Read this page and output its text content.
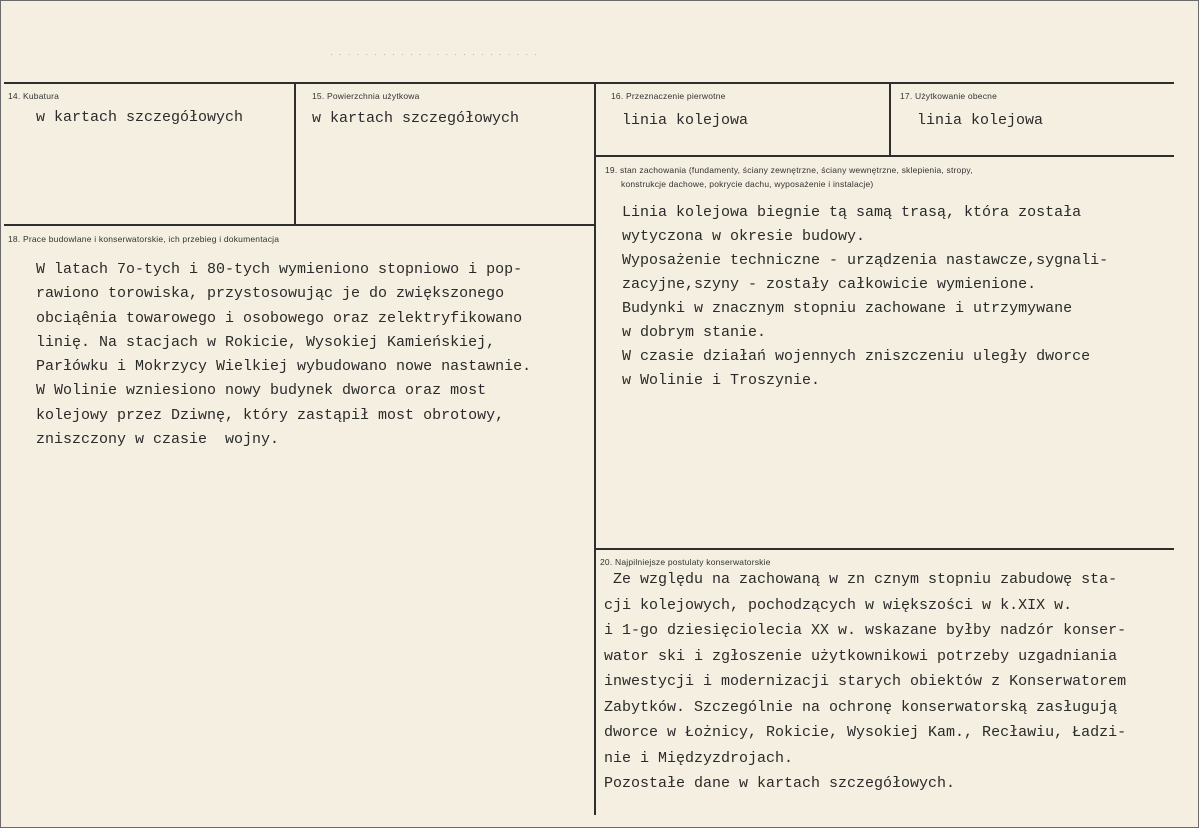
· · · · · · · · · · · · · · · · · · · · · · · ·
14. Kubatura
w kartach szczegółowych
15. Powierzchnia użytkowa
w kartach szczegółowych
16. Przeznaczenie pierwotne
linia kolejowa
17. Użytkowanie obecne
linia kolejowa
18. Prace budowlane i konserwatorskie, ich przebieg i dokumentacja
W latach 7o-tych i 80-tych wymieniono stopniowo i pop-
rawiono torowiska, przystosowując je do zwiększonego
obciąênia towarowego i osobowego oraz zelektryfikowano
linię. Na stacjach w Rokicie, Wysokiej Kamieńskiej,
Parłówku i Mokrzycy Wielkiej wybudowano nowe nastawnie.
W Wolinie wzniesiono nowy budynek dworca oraz most
kolejowy przez Dziwnę, który zastąpił most obrotowy,
zniszczony w czasie  wojny.
19. stan zachowania (fundamenty, ściany zewnętrzne, ściany wewnętrzne, sklepienia, stropy,
konstrukcje dachowe, pokrycie dachu, wyposażenie i instalacje)
Linia kolejowa biegnie tą samą trasą, która została
wytyczona w okresie budowy.
Wyposażenie techniczne - urządzenia nastawcze,sygnali-
zacyjne,szyny - zostały całkowicie wymienione.
Budynki w znacznym stopniu zachowane i utrzymywane
w dobrym stanie.
W czasie działań wojennych zniszczeniu uległy dworce
w Wolinie i Troszynie.
20. Najpilniejsze postulaty konserwatorskie
Ze względu na zachowaną w zn cznym stopniu zabudowę sta-
cji kolejowych, pochodzących w większości w k.XIX w.
i 1-go dziesięciolecia XX w. wskazane byłby nadzór konser-
wator ski i zgłoszenie użytkownikowi potrzeby uzgadniania
inwestycji i modernizacji starych obiektów z Konserwatorem
Zabytków. Szczególnie na ochronę konserwatorską zasługują
dworce w Łożnicy, Rokicie, Wysokiej Kam., Recławiu, Ładzi-
nie i Międzyzdrojach.
Pozostałe dane w kartach szczegółowych.
